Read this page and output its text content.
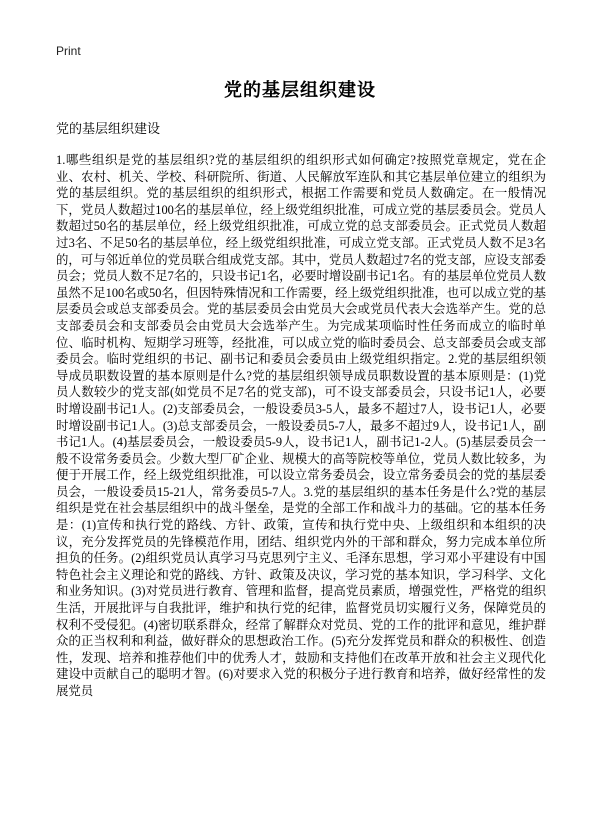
Print
党的基层组织建设

党的基层组织建设

1.哪些组织是党的基层组织?党的基层组织的组织形式如何确定?按照党章规定，党在企业、农村、机关、学校、科研院所、街道、人民解放军连队和其它基层单位建立的组织为党的基层组织。党的基层组织的组织形式，根据工作需要和党员人数确定。在一般情况下，党员人数超过100名的基层单位，经上级党组织批准，可成立党的基层委员会。党员人数超过50名的基层单位，经上级党组织批准，可成立党的总支部委员会。正式党员人数超过3名、不足50名的基层单位，经上级党组织批准，可成立党支部。正式党员人数不足3名的，可与邻近单位的党员联合组成党支部。其中，党员人数超过7名的党支部，应设支部委员会；党员人数不足7名的，只设书记1名，必要时增设副书记1名。有的基层单位党员人数虽然不足100名或50名，但因特殊情况和工作需要，经上级党组织批准，也可以成立党的基层委员会或总支部委员会。党的基层委员会由党员大会或党员代表大会选举产生。党的总支部委员会和支部委员会由党员大会选举产生。为完成某项临时性任务而成立的临时单位、临时机构、短期学习班等，经批准，可以成立党的临时委员会、总支部委员会或支部委员会。临时党组织的书记、副书记和委员会委员由上级党组织指定。2.党的基层组织领导成员职数设置的基本原则是什么?党的基层组织领导成员职数设置的基本原则是：(1)党员人数较少的党支部(如党员不足7名的党支部)，可不设支部委员会，只设书记1人，必要时增设副书记1人。(2)支部委员会，一般设委员3-5人，最多不超过7人，设书记1人，必要时增设副书记1人。(3)总支部委员会，一般设委员5-7人，最多不超过9人，设书记1人，副书记1人。(4)基层委员会，一般设委员5-9人，设书记1人，副书记1-2人。(5)基层委员会一般不设常务委员会。少数大型厂矿企业、规模大的高等院校等单位，党员人数比较多，为便于开展工作，经上级党组织批准，可以设立常务委员会，设立常务委员会的党的基层委员会，一般设委员15-21人，常务委员5-7人。3.党的基层组织的基本任务是什么?党的基层组织是党在社会基层组织中的战斗堡垒，是党的全部工作和战斗力的基础。它的基本任务是：(1)宣传和执行党的路线、方针、政策，宣传和执行党中央、上级组织和本组织的决议，充分发挥党员的先锋模范作用，团结、组织党内外的干部和群众，努力完成本单位所担负的任务。(2)组织党员认真学习马克思列宁主义、毛泽东思想，学习邓小平建设有中国特色社会主义理论和党的路线、方针、政策及决议，学习党的基本知识，学习科学、文化和业务知识。(3)对党员进行教育、管理和监督，提高党员素质，增强党性，严格党的组织生活，开展批评与自我批评，维护和执行党的纪律，监督党员切实履行义务，保障党员的权利不受侵犯。(4)密切联系群众，经常了解群众对党员、党的工作的批评和意见，维护群众的正当权利和利益，做好群众的思想政治工作。(5)充分发挥党员和群众的积极性、创造性，发现、培养和推荐他们中的优秀人才，鼓励和支持他们在改革开放和社会主义现代化建设中贡献自己的聪明才智。(6)对要求入党的积极分子进行教育和培养，做好经常性的发展党员
